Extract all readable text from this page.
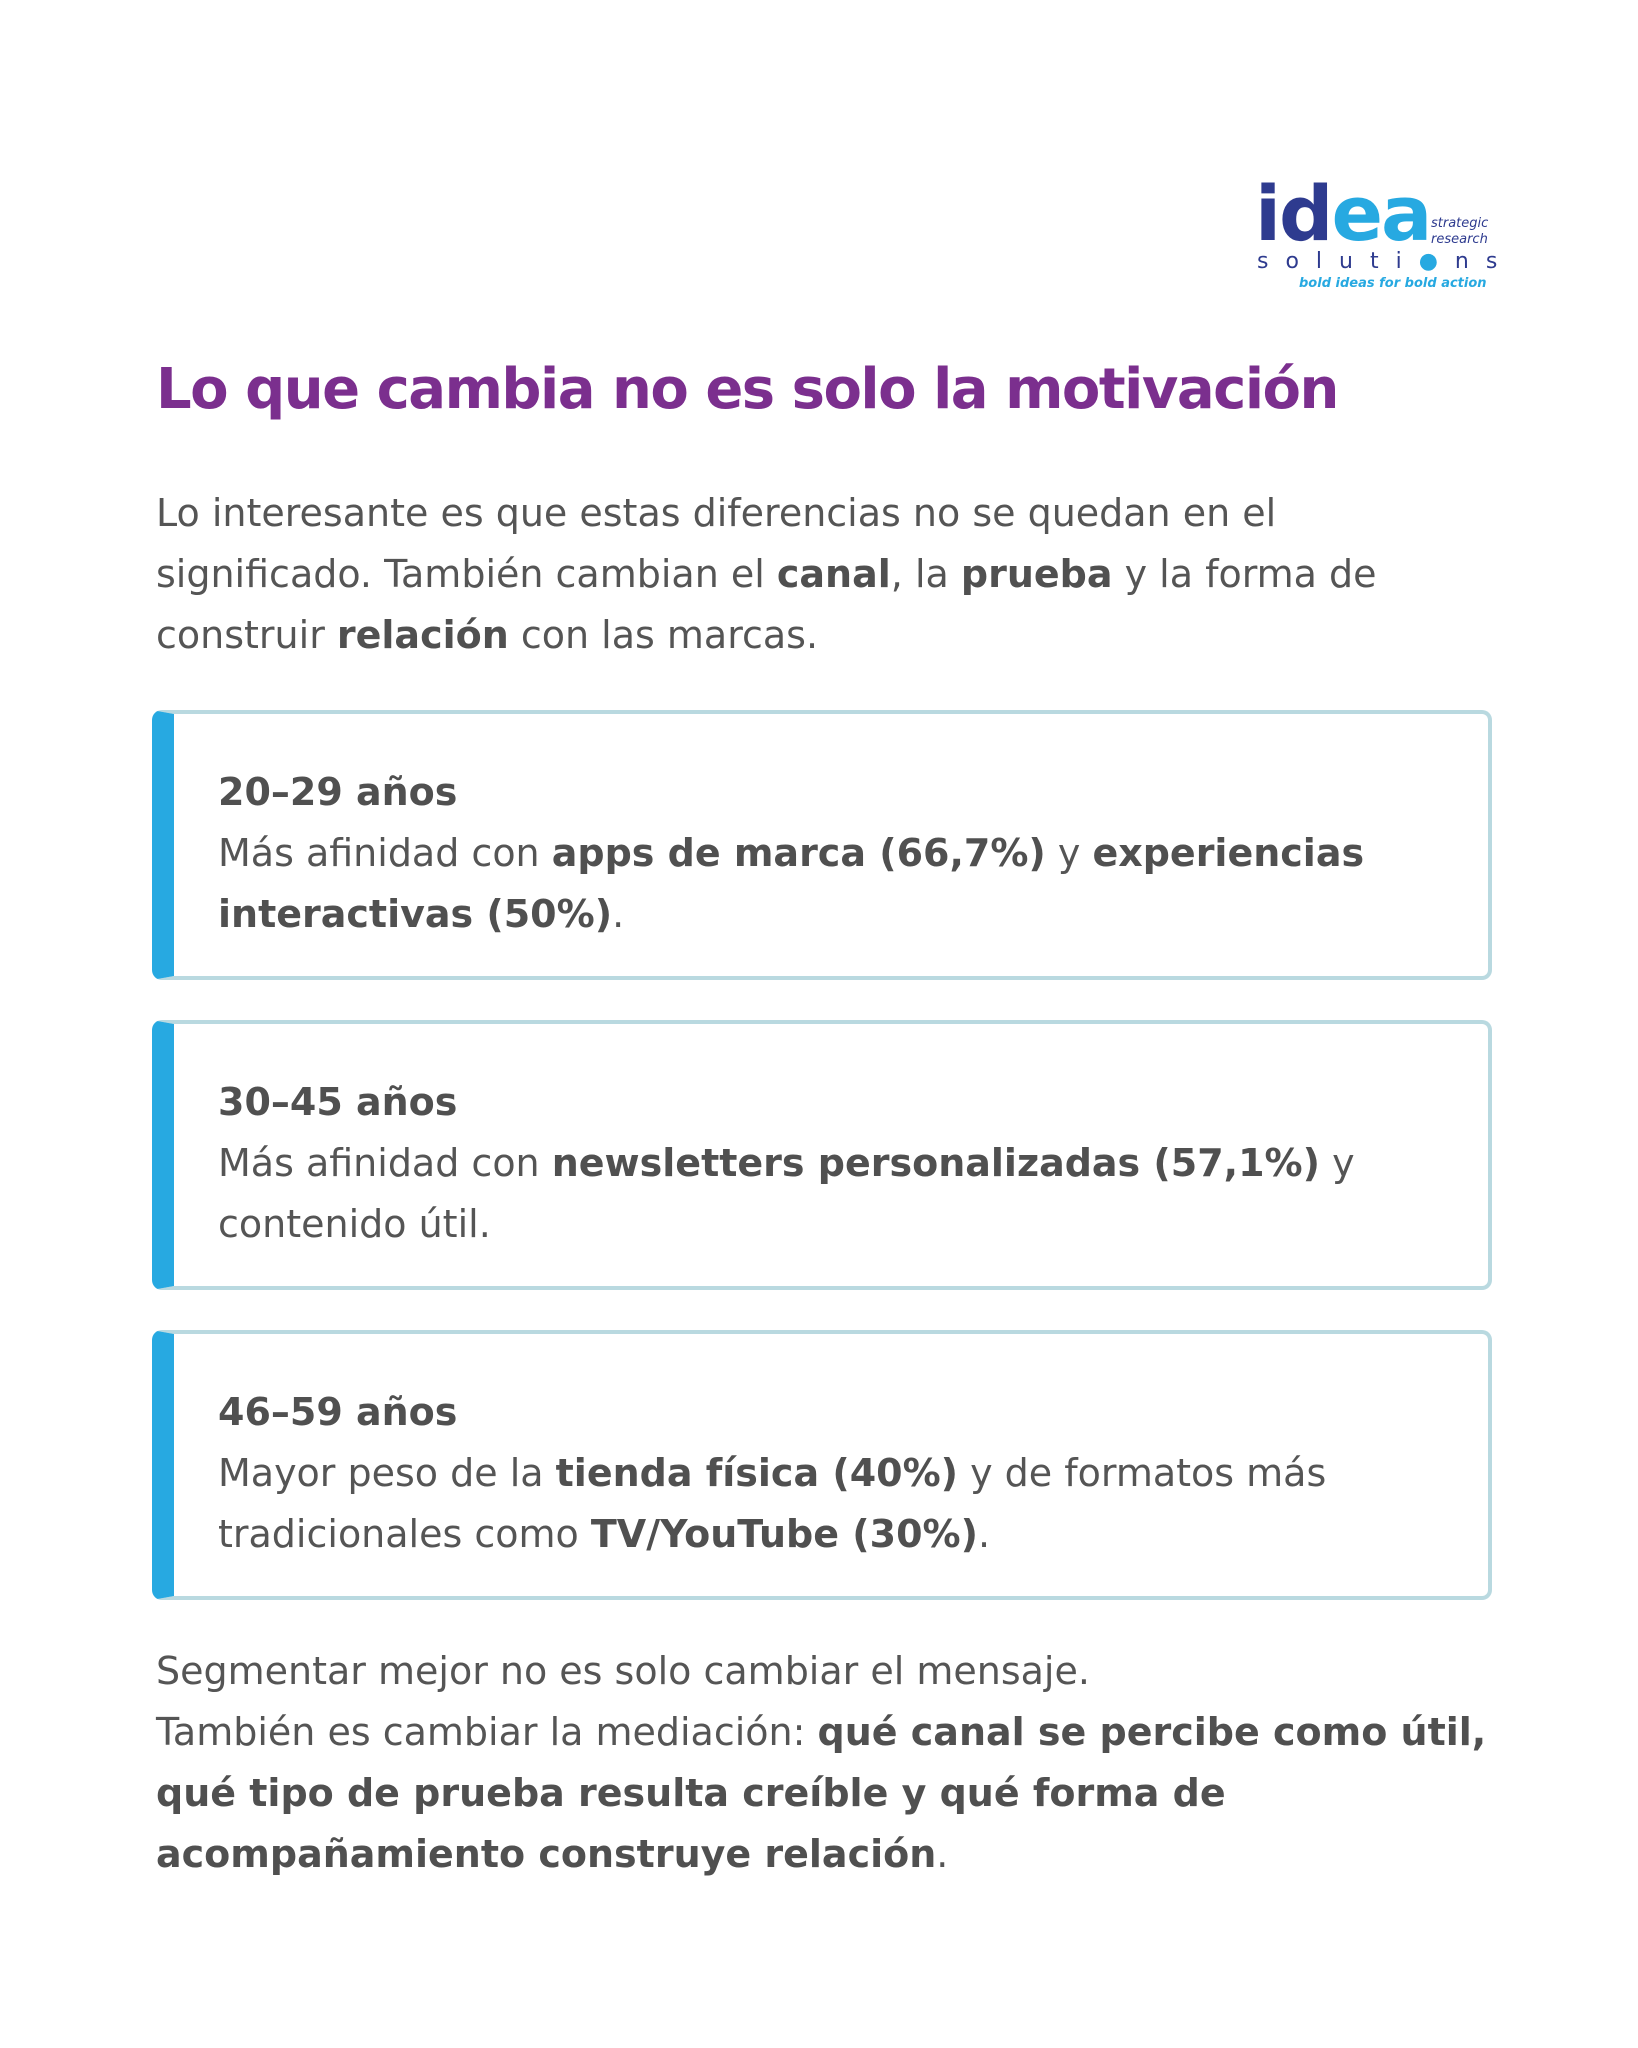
idea strategic
research
soluti●ns
bold ideas for bold action
Lo que cambia no es solo la motivación

Lo interesante es que estas diferencias no se quedan en el significado. También cambian el canal, la prueba y la forma de construir relación con las marcas.

20–29 años
Más afinidad con apps de marca (66,7%) y experiencias interactivas (50%).
30–45 años
Más afinidad con newsletters personalizadas (57,1%) y contenido útil.
46–59 años
Mayor peso de la tienda física (40%) y de formatos más tradicionales como TV/YouTube (30%).

Segmentar mejor no es solo cambiar el mensaje.
También es cambiar la mediación: qué canal se percibe como útil, qué tipo de prueba resulta creíble y qué forma de acompañamiento construye relación.
